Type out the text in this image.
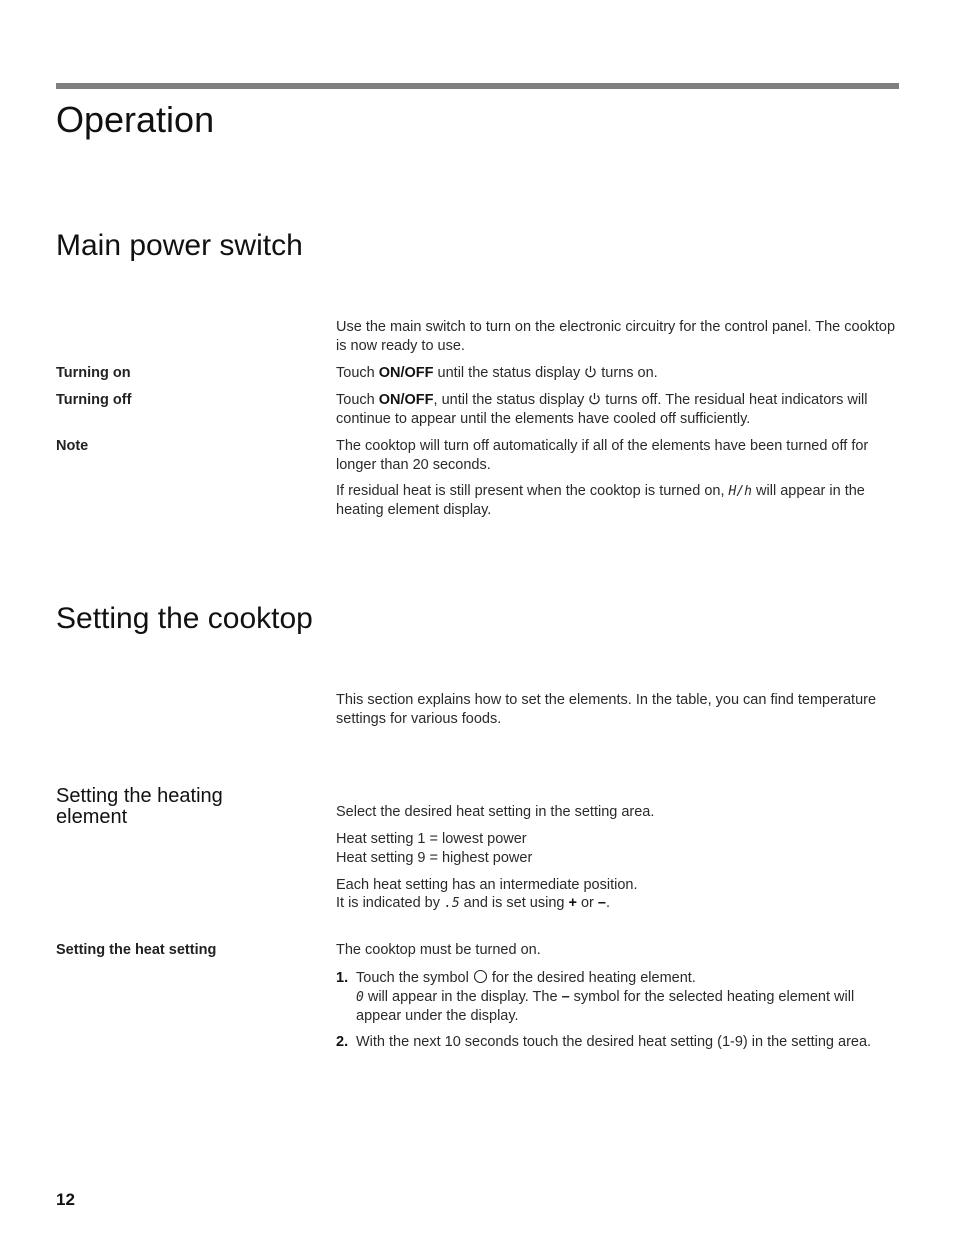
Operation
Main power switch
Use the main switch to turn on the electronic circuitry for the control panel. The cooktop is now ready to use.
Turning on	Touch ON/OFF until the status display  turns on.
Turning off	Touch ON/OFF, until the status display  turns off. The residual heat indicators will continue to appear until the elements have cooled off sufficiently.
Note	The cooktop will turn off automatically if all of the elements have been turned off for longer than 20 seconds.
If residual heat is still present when the cooktop is turned on, H/h will appear in the heating element display.
Setting the cooktop
This section explains how to set the elements. In the table, you can find temperature settings for various foods.
Setting the heating element	Select the desired heat setting in the setting area.
Heat setting 1 = lowest power
Heat setting 9 = highest power
Each heat setting has an intermediate position.
It is indicated by .5 and is set using + or –.
Setting the heat setting	The cooktop must be turned on.
1. Touch the symbol  for the desired heating element.
0 will appear in the display. The – symbol for the selected heating element will appear under the display.
2. With the next 10 seconds touch the desired heat setting (1-9) in the setting area.
12
